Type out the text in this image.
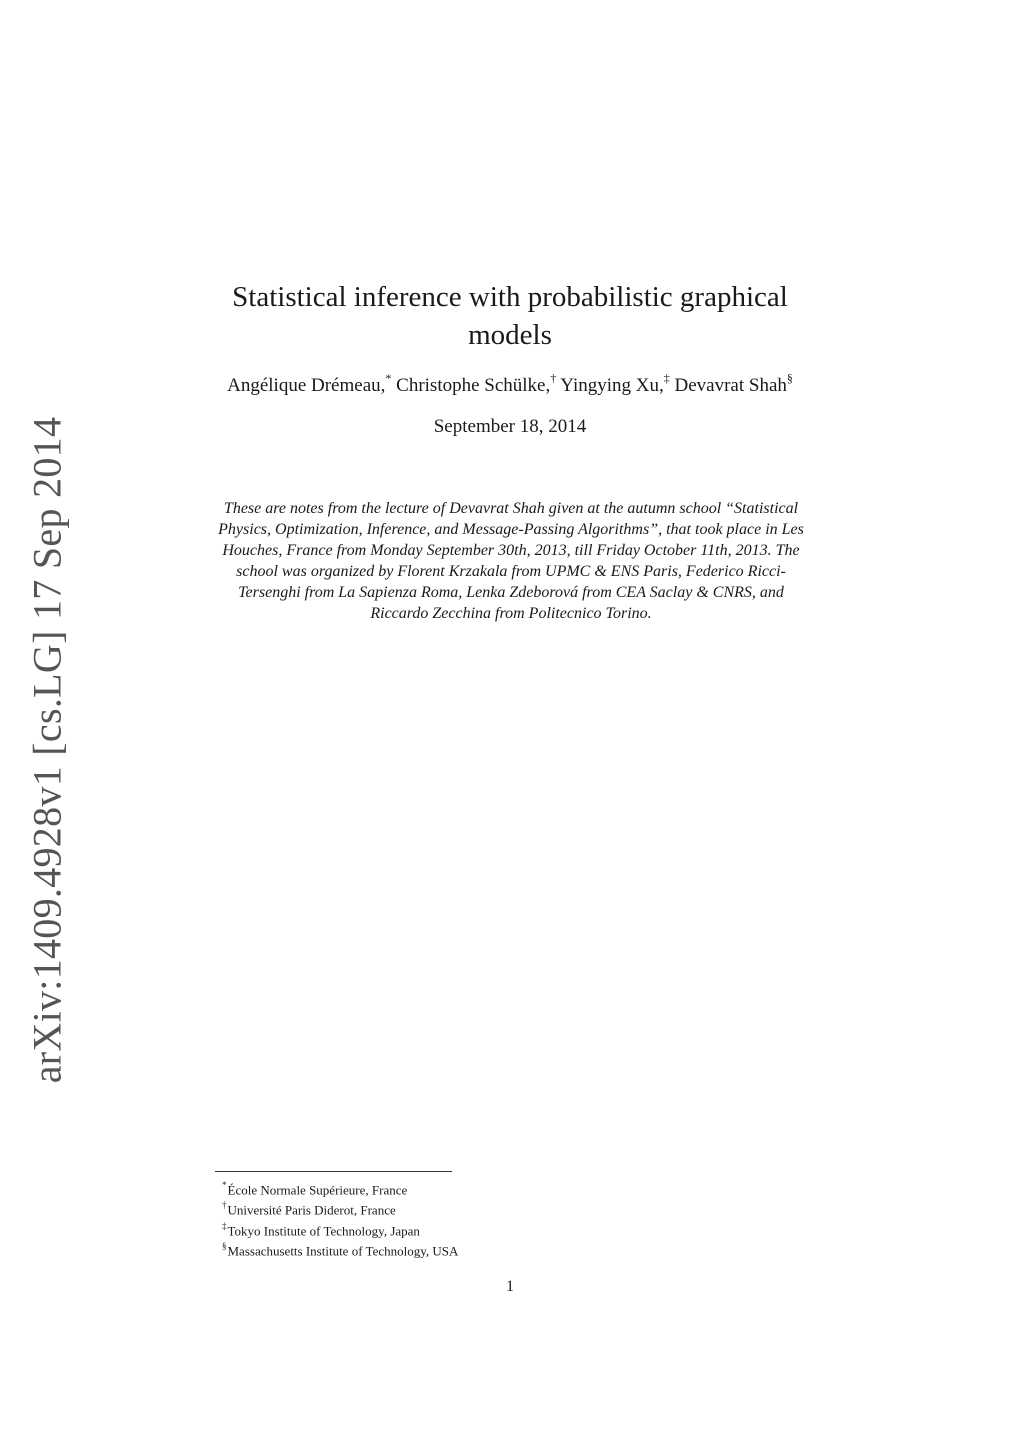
arXiv:1409.4928v1 [cs.LG] 17 Sep 2014
Statistical inference with probabilistic graphical models
Angélique Drémeau,* Christophe Schülke,† Yingying Xu,‡ Devavrat Shah§
September 18, 2014
These are notes from the lecture of Devavrat Shah given at the autumn school “Statistical Physics, Optimization, Inference, and Message-Passing Algorithms”, that took place in Les Houches, France from Monday September 30th, 2013, till Friday October 11th, 2013. The school was organized by Florent Krzakala from UPMC & ENS Paris, Federico Ricci-Tersenghi from La Sapienza Roma, Lenka Zdeborová from CEA Saclay & CNRS, and Riccardo Zecchina from Politecnico Torino.
*École Normale Supérieure, France
†Université Paris Diderot, France
‡Tokyo Institute of Technology, Japan
§Massachusetts Institute of Technology, USA
1
